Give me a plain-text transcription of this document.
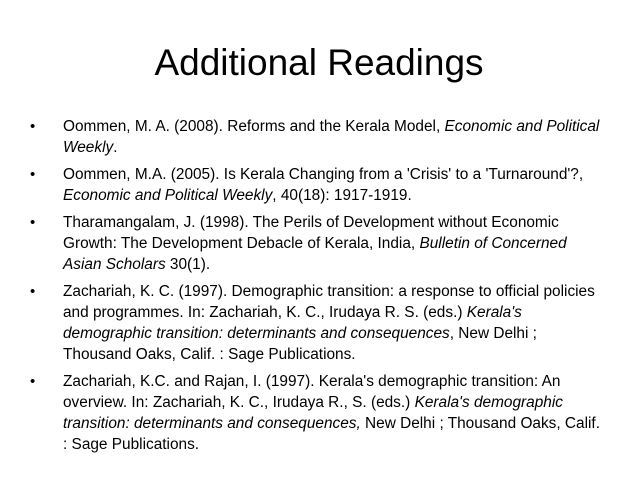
Additional Readings
• Oommen, M. A. (2008). Reforms and the Kerala Model, Economic and Political Weekly.
• Oommen, M.A. (2005). Is Kerala Changing from a 'Crisis' to a 'Turnaround'?, Economic and Political Weekly, 40(18): 1917-1919.
• Tharamangalam, J. (1998). The Perils of Development without Economic Growth: The Development Debacle of Kerala, India, Bulletin of Concerned Asian Scholars 30(1).
• Zachariah, K. C. (1997). Demographic transition: a response to official policies and programmes. In: Zachariah, K. C., Irudaya R. S. (eds.) Kerala's demographic transition: determinants and consequences, New Delhi ; Thousand Oaks, Calif. : Sage Publications.
• Zachariah, K.C. and Rajan, I. (1997). Kerala's demographic transition: An overview. In: Zachariah, K. C., Irudaya R., S. (eds.) Kerala's demographic transition: determinants and consequences, New Delhi ; Thousand Oaks, Calif. : Sage Publications.
